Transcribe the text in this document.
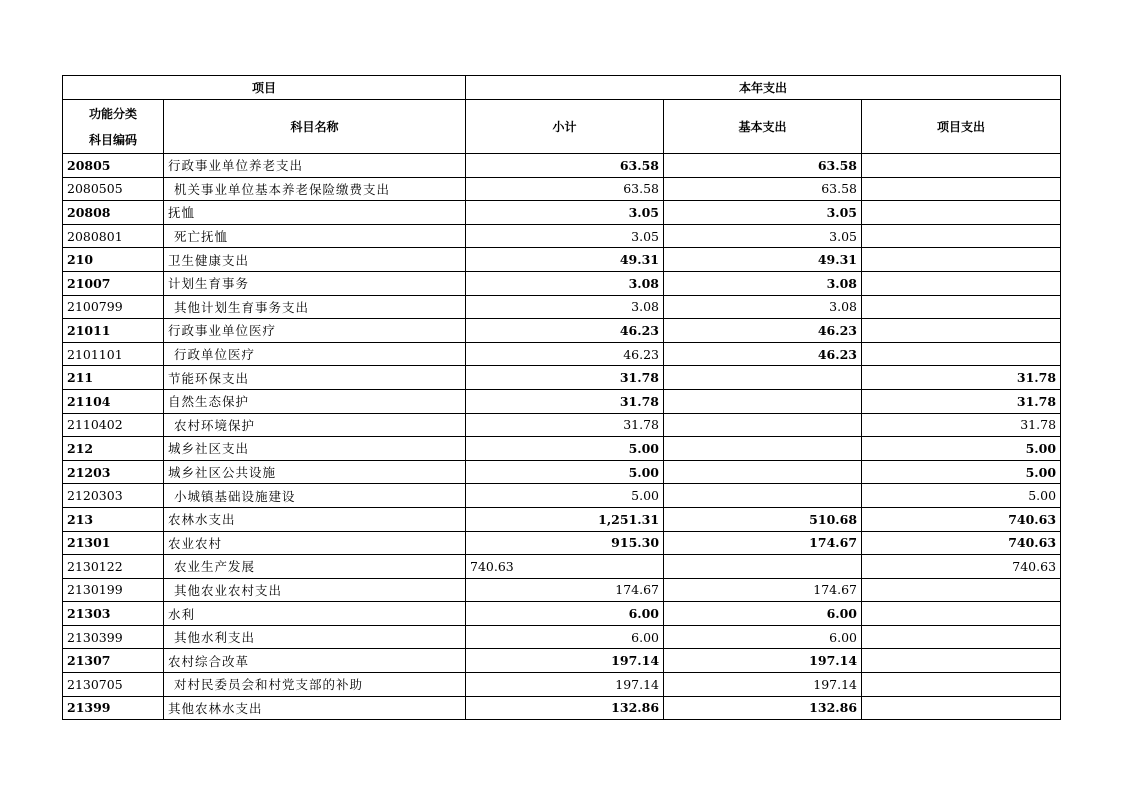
项目		本年支出		

功能分类
科目编码	科目名称	小计	基本支出	项目支出
20805	行政事业单位养老支出	63.58	63.58	
2080505	机关事业单位基本养老保险缴费支出	63.58	63.58	
20808	抚恤	3.05	3.05	
2080801	死亡抚恤	3.05	3.05	
210	卫生健康支出	49.31	49.31	
21007	计划生育事务	3.08	3.08	
2100799	其他计划生育事务支出	3.08	3.08	
21011	行政事业单位医疗	46.23	46.23	
2101101	行政单位医疗	46.23	46.23	
211	节能环保支出	31.78		31.78
21104	自然生态保护	31.78		31.78
2110402	农村环境保护	31.78		31.78
212	城乡社区支出	5.00		5.00
21203	城乡社区公共设施	5.00		5.00
2120303	小城镇基础设施建设	5.00		5.00
213	农林水支出	1,251.31	510.68	740.63
21301	农业农村	915.30	174.67	740.63
2130122	农业生产发展	740.63		740.63
2130199	其他农业农村支出	174.67	174.67	
21303	水利	6.00	6.00	
2130399	其他水利支出	6.00	6.00	
21307	农村综合改革	197.14	197.14	
2130705	对村民委员会和村党支部的补助	197.14	197.14	
21399	其他农林水支出	132.86	132.86	
